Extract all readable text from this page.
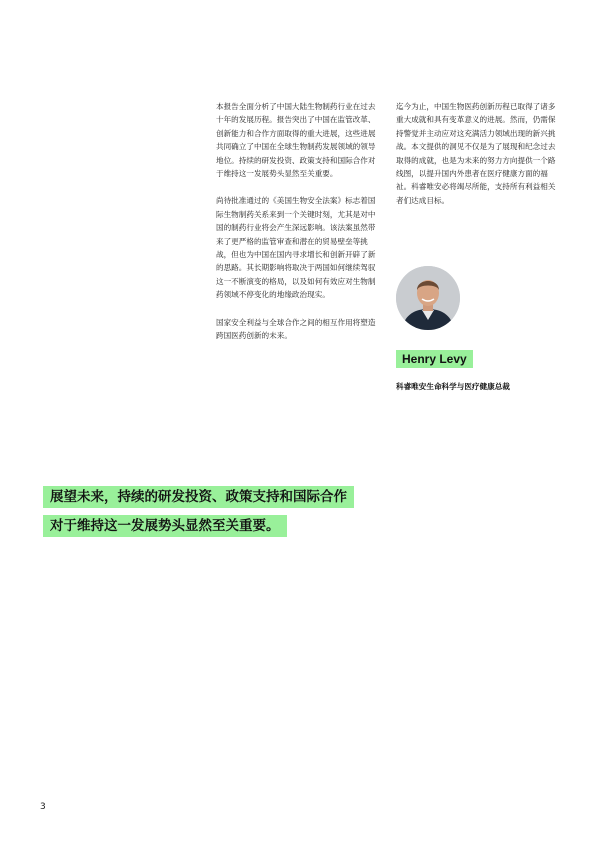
本报告全面分析了中国大陆生物制药行业在过去十年的发展历程。报告突出了中国在监管改革、创新能力和合作方面取得的重大进展，这些进展共同确立了中国在全球生物制药发展领域的领导地位。持续的研发投资、政策支持和国际合作对于维持这一发展势头显然至关重要。

尚待批准通过的《美国生物安全法案》标志着国际生物制药关系来到一个关键时刻，尤其是对中国的制药行业将会产生深远影响。该法案虽然带来了更严格的监管审查和潜在的贸易壁垒等挑战，但也为中国在国内寻求增长和创新开辟了新的思路。其长期影响将取决于两国如何继续驾驭这一不断演变的格局，以及如何有效应对生物制药领域不停变化的地缘政治现实。

国家安全利益与全球合作之间的相互作用将塑造跨国医药创新的未来。

迄今为止，中国生物医药创新历程已取得了诸多重大成就和具有变革意义的进展。然而，仍需保持警觉并主动应对这充满活力领域出现的新兴挑战。本文提供的洞见不仅是为了展现和纪念过去取得的成就，也是为未来的努力方向提供一个路线图，以提升国内外患者在医疗健康方面的福祉。科睿唯安必将竭尽所能，支持所有利益相关者们达成目标。

Henry Levy
科睿唯安生命科学与医疗健康总裁
展望未来，持续的研发投资、政策支持和国际合作
对于维持这一发展势头显然至关重要。
3
